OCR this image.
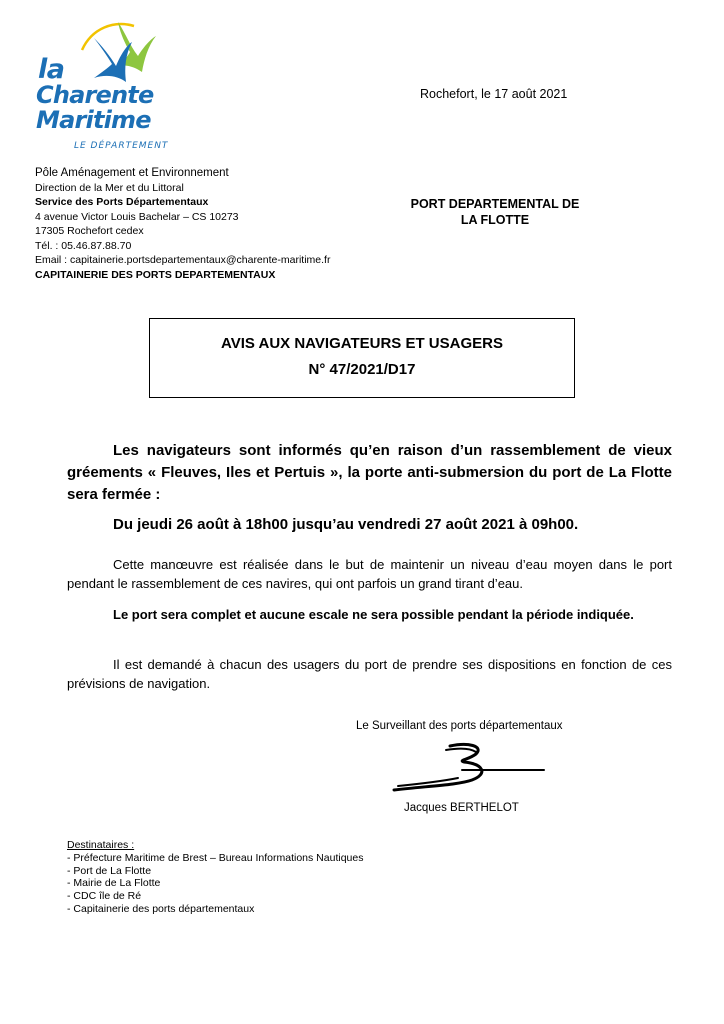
la
Charente
Maritime
LE DÉPARTEMENT
Rochefort, le 17 août 2021
Pôle Aménagement et Environnement
Direction de la Mer et du Littoral
Service des Ports Départementaux
4 avenue Victor Louis Bachelar – CS 10273
17305 Rochefort cedex
Tél. : 05.46.87.88.70
Email : capitainerie.portsdepartementaux@charente-maritime.fr
CAPITAINERIE DES PORTS DEPARTEMENTAUX
PORT DEPARTEMENTAL DE
LA FLOTTE
AVIS AUX NAVIGATEURS ET USAGERS
N° 47/2021/D17
Les navigateurs sont informés qu’en raison d’un rassemblement de vieux gréements « Fleuves, Iles et Pertuis », la porte anti-submersion du port de La Flotte sera fermée :
Du jeudi 26 août à 18h00 jusqu’au vendredi 27 août 2021 à 09h00.
Cette manœuvre est réalisée dans le but de maintenir un niveau d’eau moyen dans le port pendant le rassemblement de ces navires, qui ont parfois un grand tirant d’eau.
Le port sera complet et aucune escale ne sera possible pendant la période indiquée.
Il est demandé à chacun des usagers du port de prendre ses dispositions en fonction de ces prévisions de navigation.
Le Surveillant des ports départementaux
Jacques BERTHELOT
Destinataires :
- Préfecture Maritime de Brest – Bureau Informations Nautiques
- Port de La Flotte
- Mairie de La Flotte
- CDC île de Ré
- Capitainerie des ports départementaux
